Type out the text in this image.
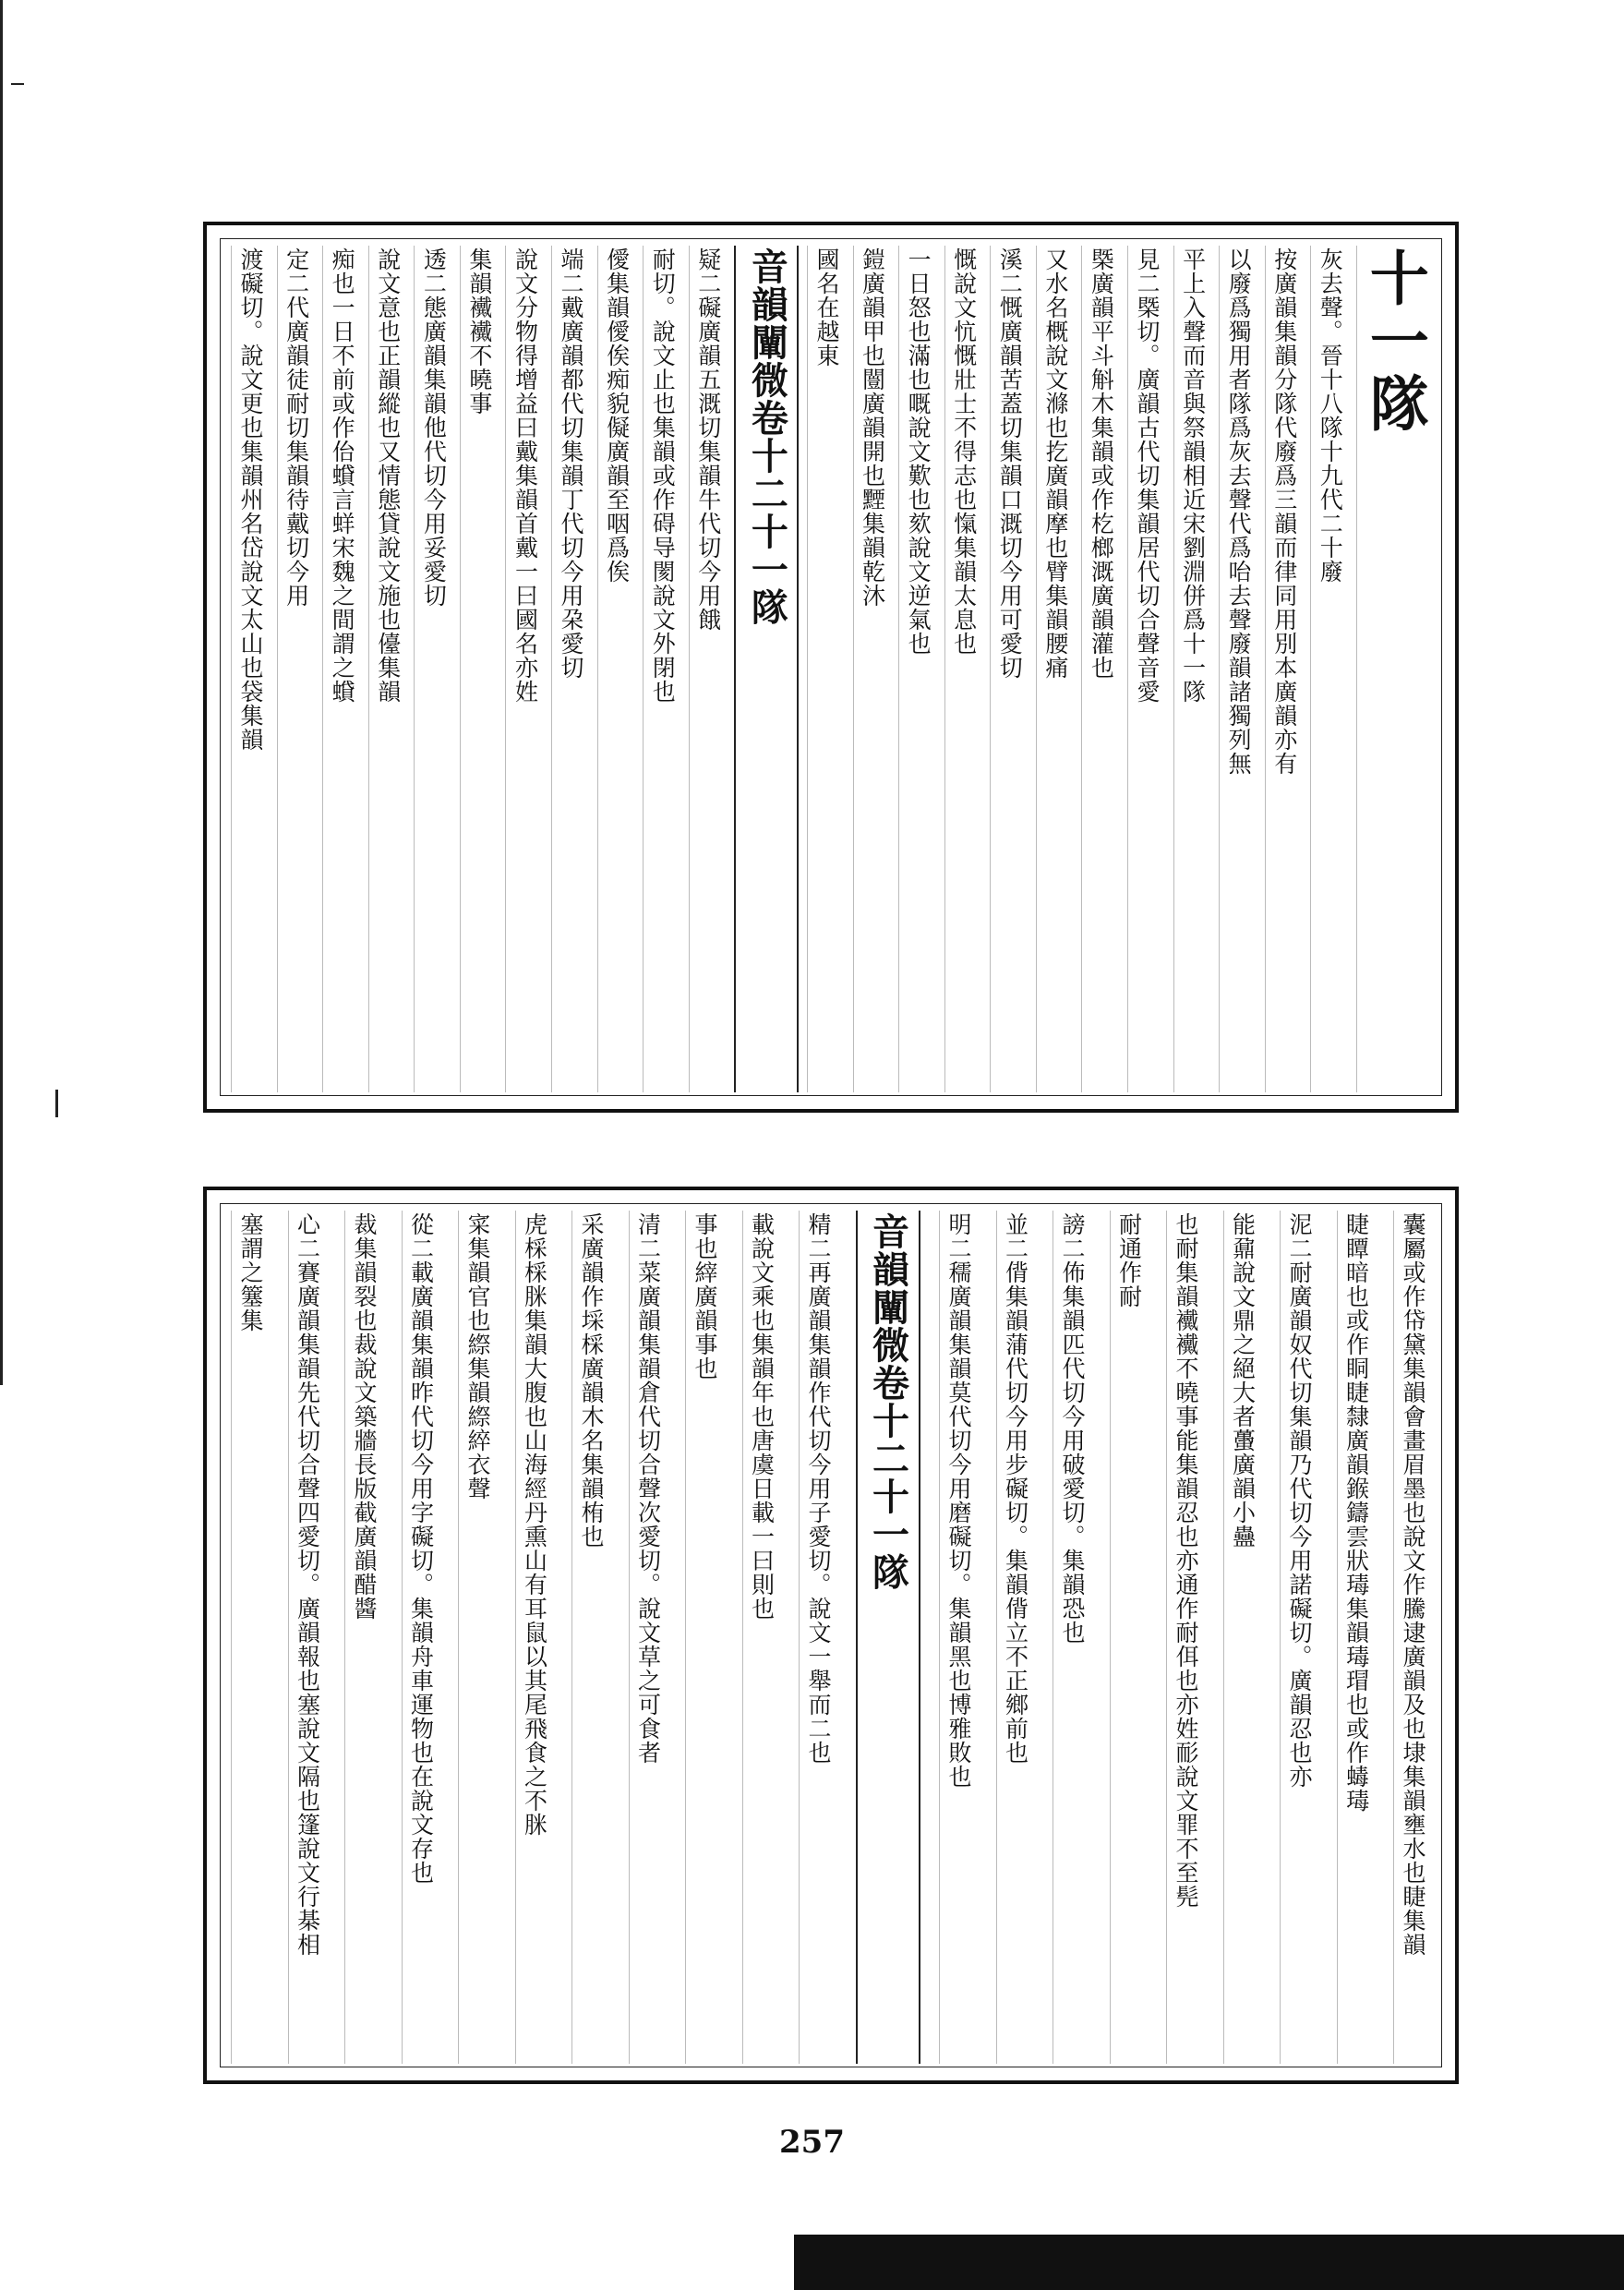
十一隊
灰去聲。晉十八隊十九代二十廢
按廣韻集韻分隊代廢爲三韻而律同用別本廣韻亦有
以廢爲獨用者隊爲灰去聲代爲咍去聲廢韻諸獨列無
平上入聲而音與祭韻相近宋劉淵併爲十一隊
見二槩切。廣韻古代切集韻居代切合聲音愛
槩廣韻平斗斛木集韻或作杚榔溉廣韻灌也
又水名概說文滌也扢廣韻摩也臂集韻腰痛
溪二慨廣韻苦蓋切集韻口溉切今用可愛切
慨說文忼慨壯士不得志也愾集韻太息也
一日怒也滿也嘅說文歎也欬說文逆氣也
鎧廣韻甲也闓廣韻開也黫集韻乾沐
國名在越東
音韻闡微卷十二十一隊
疑二礙廣韻五溉切集韻牛代切今用餓
耐切。說文止也集韻或作碍导閡說文外閉也
僾集韻僾俟痴貌儗廣韻至咽爲俟
端二戴廣韻都代切集韻丁代切今用朶愛切
說文分物得增益曰戴集韻首戴一曰國名亦姓
集韻襶襶不曉事
透二態廣韻集韻他代切今用妥愛切
說文意也正韻縱也又情態貸說文施也儓集韻
痴也一日不前或作佁蟘言蛘宋魏之間謂之蟘
定二代廣韻徒耐切集韻待戴切今用
渡礙切。說文更也集韻州名岱說文太山也袋集韻
囊屬或作帒黛集韻會畫眉墨也說文作騰逮廣韻及也埭集韻壅水也睫集韻
睫瞫暗也或作眮睫隸廣韻鍭鑄雲狀瑇集韻瑇瑁也或作蝳瑇
泥二耐廣韻奴代切集韻乃代切今用諾礙切。廣韻忍也亦
能鼐說文鼎之絕大者蠆廣韻小蠱
也耐集韻襶襶不曉事能集韻忍也亦通作耐佴也亦姓耏說文罪不至髡
耐通作耐
謗二佈集韻匹代切今用破愛切。集韻恐也
並二偝集韻蒲代切今用步礙切。集韻偝立不正鄉前也
明二穤廣韻集韻莫代切今用磨礙切。集韻黑也博雅敗也
音韻闡微卷十二十一隊
精二再廣韻集韻作代切今用子愛切。說文一舉而二也
載說文乘也集韻年也唐虞日載一曰則也
事也縡廣韻事也
清二菜廣韻集韻倉代切合聲次愛切。說文草之可食者
采廣韻作埰棌廣韻木名集韻栯也
虎棌棌脒集韻大腹也山海經丹熏山有耳鼠以其尾飛食之不脒
寀集韻官也縩集韻縩綷衣聲
從二載廣韻集韻昨代切今用字礙切。集韻舟車運物也在說文存也
裁集韻裂也裁說文築牆長版截廣韻醋醬
心二賽廣韻集韻先代切合聲四愛切。廣韻報也塞說文隔也篷說文行棊相
塞謂之簺集
257
